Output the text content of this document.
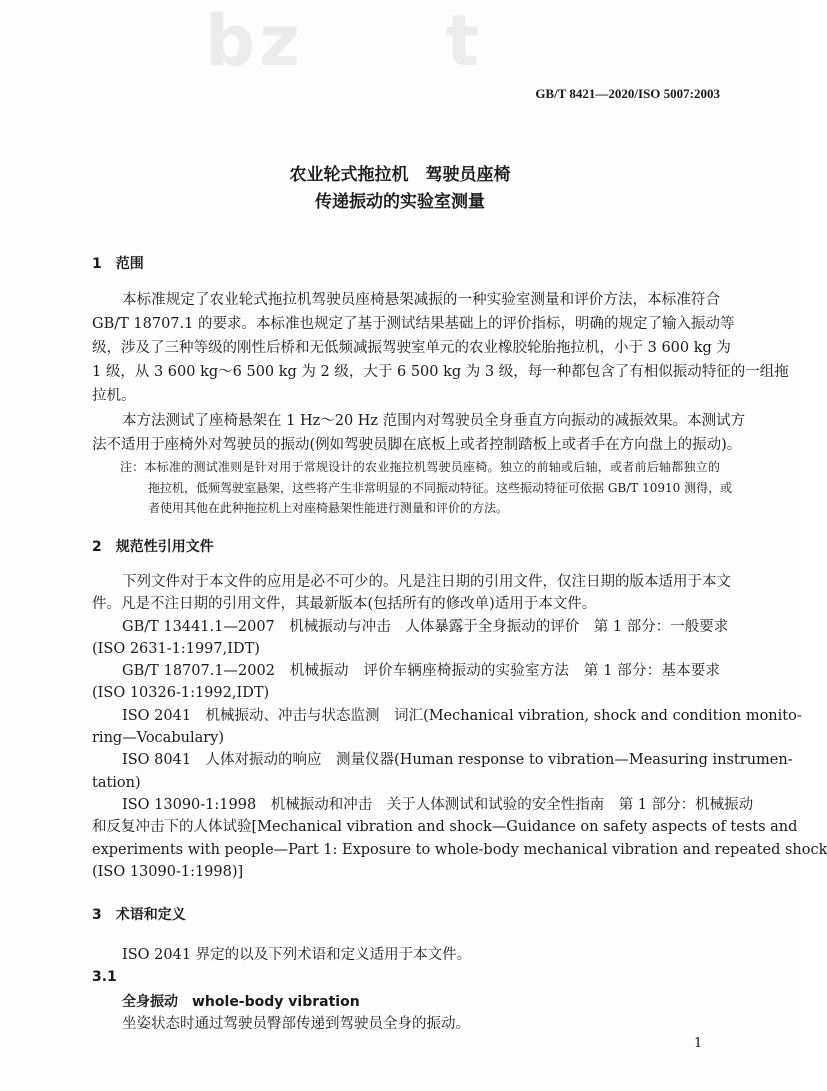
bz     t
GB/T 8421—2020/ISO 5007:2003
农业轮式拖拉机　驾驶员座椅
传递振动的实验室测量
1　范围
本标准规定了农业轮式拖拉机驾驶员座椅悬架减振的一种实验室测量和评价方法，本标准符合
GB/T 18707.1 的要求。本标准也规定了基于测试结果基础上的评价指标，明确的规定了输入振动等
级，涉及了三种等级的刚性后桥和无低频减振驾驶室单元的农业橡胶轮胎拖拉机，小于 3 600 kg 为
1 级，从 3 600 kg～6 500 kg 为 2 级，大于 6 500 kg 为 3 级，每一种都包含了有相似振动特征的一组拖
拉机。
本方法测试了座椅悬架在 1 Hz～20 Hz 范围内对驾驶员全身垂直方向振动的减振效果。本测试方
法不适用于座椅外对驾驶员的振动(例如驾驶员脚在底板上或者控制踏板上或者手在方向盘上的振动)。
注：本标准的测试准则是针对用于常规设计的农业拖拉机驾驶员座椅。独立的前轴或后轴，或者前后轴都独立的
拖拉机，低频驾驶室悬架，这些将产生非常明显的不同振动特征。这些振动特征可依据 GB/T 10910 测得，或
者使用其他在此种拖拉机上对座椅悬架性能进行测量和评价的方法。
2　规范性引用文件
下列文件对于本文件的应用是必不可少的。凡是注日期的引用文件，仅注日期的版本适用于本文
件。凡是不注日期的引用文件，其最新版本(包括所有的修改单)适用于本文件。
GB/T 13441.1—2007　机械振动与冲击　人体暴露于全身振动的评价　第 1 部分：一般要求
(ISO 2631-1:1997,IDT)
GB/T 18707.1—2002　机械振动　评价车辆座椅振动的实验室方法　第 1 部分：基本要求
(ISO 10326-1:1992,IDT)
ISO 2041　机械振动、冲击与状态监测　词汇(Mechanical vibration, shock and condition monito-
ring—Vocabulary)
ISO 8041　人体对振动的响应　测量仪器(Human response to vibration—Measuring instrumen-
tation)
ISO 13090-1:1998　机械振动和冲击　关于人体测试和试验的安全性指南　第 1 部分：机械振动
和反复冲击下的人体试验[Mechanical vibration and shock—Guidance on safety aspects of tests and
experiments with people—Part 1: Exposure to whole-body mechanical vibration and repeated shock
(ISO 13090-1:1998)]
3　术语和定义
ISO 2041 界定的以及下列术语和定义适用于本文件。
3.1
全身振动　whole-body vibration
坐姿状态时通过驾驶员臀部传递到驾驶员全身的振动。
1
